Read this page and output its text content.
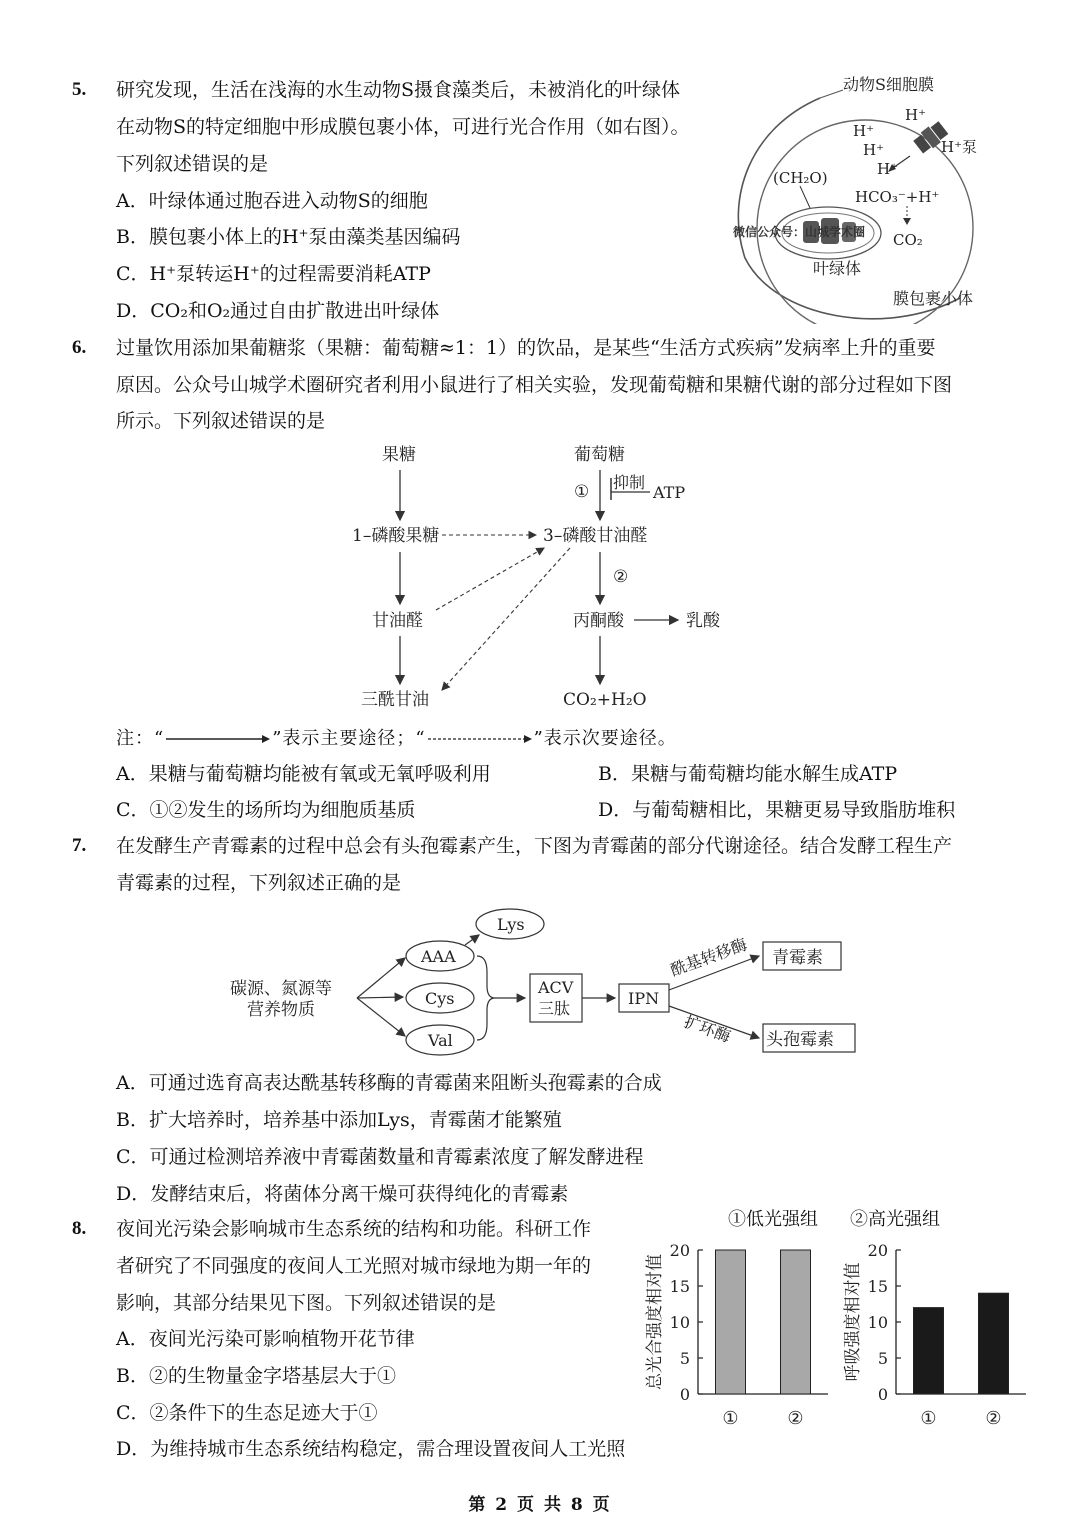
5. 研究发现，生活在浅海的水生动物S摄食藻类后，未被消化的叶绿体
在动物S的特定细胞中形成膜包裹小体，可进行光合作用（如右图）。
下列叙述错误的是
A．叶绿体通过胞吞进入动物S的细胞
B．膜包裹小体上的H⁺泵由藻类基因编码
C．H⁺泵转运H⁺的过程需要消耗ATP
D．CO₂和O₂通过自由扩散进出叶绿体
动物S细胞膜
H⁺
H⁺
H⁺
H⁺
H⁺泵
(CH₂O)
HCO₃⁻+H⁺
CO₂
微信公众号：山城学术圈
叶绿体
膜包裹小体
6. 过量饮用添加果葡糖浆（果糖：葡萄糖≈1：1）的饮品，是某些“生活方式疾病”发病率上升的重要
原因。公众号山城学术圈研究者利用小鼠进行了相关实验，发现葡萄糖和果糖代谢的部分过程如下图
所示。下列叙述错误的是
果糖	葡萄糖
1–磷酸果糖	3–磷酸甘油醛
甘油醛	丙酮酸	乳酸
三酰甘油	CO₂+H₂O
① 抑制
ATP
②
注：“	”表示主要途径；“	”表示次要途径。
A．果糖与葡萄糖均能被有氧或无氧呼吸利用	B．果糖与葡萄糖均能水解生成ATP
C．①②发生的场所均为细胞质基质	D．与葡萄糖相比，果糖更易导致脂肪堆积
7. 在发酵生产青霉素的过程中总会有头孢霉素产生，下图为青霉菌的部分代谢途径。结合发酵工程生产
青霉素的过程，下列叙述正确的是
碳源、氮源等
营养物质
AAA
Cys
Val
Lys
ACV
三肽
IPN
酰基转移酶
扩环酶
青霉素
头孢霉素
A．可通过选育高表达酰基转移酶的青霉菌来阻断头孢霉素的合成
B．扩大培养时，培养基中添加Lys，青霉菌才能繁殖
C．可通过检测培养液中青霉菌数量和青霉素浓度了解发酵进程
D．发酵结束后，将菌体分离干燥可获得纯化的青霉素
8. 夜间光污染会影响城市生态系统的结构和功能。科研工作
者研究了不同强度的夜间人工光照对城市绿地为期一年的
影响，其部分结果见下图。下列叙述错误的是
A．夜间光污染可影响植物开花节律
B．②的生物量金字塔基层大于①
C．②条件下的生态足迹大于①
D．为维持城市生态系统结构稳定，需合理设置夜间人工光照
①低光强组 ②高光强组
0
5
10
15
20
总光合强度相对值
①	②
0
5
10
15
20
呼吸强度相对值
①	②
第 2 页 共 8 页
